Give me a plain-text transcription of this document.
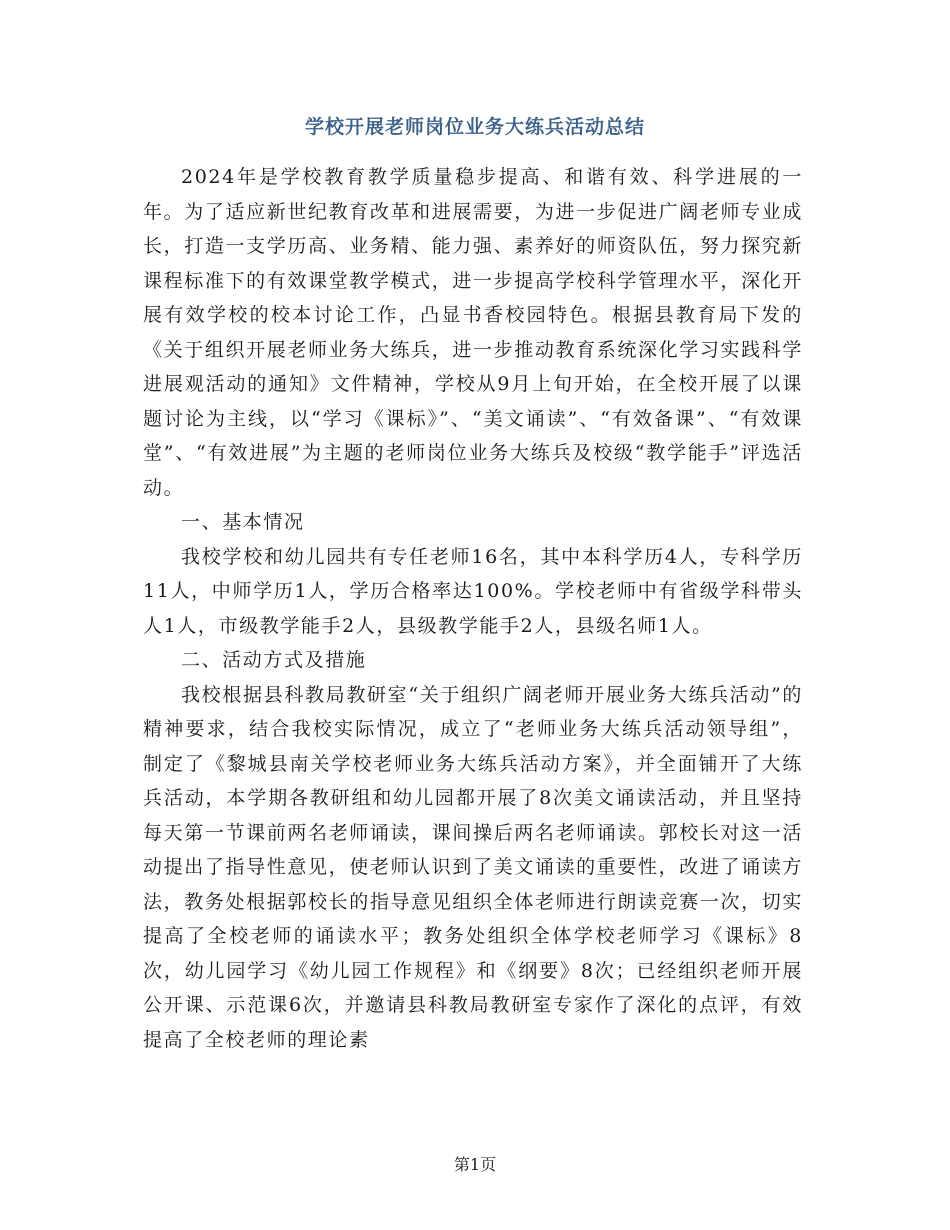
学校开展老师岗位业务大练兵活动总结

2024年是学校教育教学质量稳步提高、和谐有效、科学进展的一年。为了适应新世纪教育改革和进展需要，为进一步促进广阔老师专业成长，打造一支学历高、业务精、能力强、素养好的师资队伍，努力探究新课程标准下的有效课堂教学模式，进一步提高学校科学管理水平，深化开展有效学校的校本讨论工作，凸显书香校园特色。根据县教育局下发的《关于组织开展老师业务大练兵，进一步推动教育系统深化学习实践科学进展观活动的通知》文件精神，学校从9月上旬开始，在全校开展了以课题讨论为主线，以“学习《课标》”、“美文诵读”、“有效备课”、“有效课堂”、“有效进展”为主题的老师岗位业务大练兵及校级“教学能手”评选活动。

一、基本情况

我校学校和幼儿园共有专任老师16名，其中本科学历4人，专科学历11人，中师学历1人，学历合格率达100%。学校老师中有省级学科带头人1人，市级教学能手2人，县级教学能手2人，县级名师1人。

二、活动方式及措施

我校根据县科教局教研室“关于组织广阔老师开展业务大练兵活动”的精神要求，结合我校实际情况，成立了“老师业务大练兵活动领导组”，制定了《黎城县南关学校老师业务大练兵活动方案》，并全面铺开了大练兵活动，本学期各教研组和幼儿园都开展了8次美文诵读活动，并且坚持每天第一节课前两名老师诵读，课间操后两名老师诵读。郭校长对这一活动提出了指导性意见，使老师认识到了美文诵读的重要性，改进了诵读方法，教务处根据郭校长的指导意见组织全体老师进行朗读竞赛一次，切实提高了全校老师的诵读水平；教务处组织全体学校老师学习《课标》8次，幼儿园学习《幼儿园工作规程》和《纲要》8次；已经组织老师开展公开课、示范课6次，并邀请县科教局教研室专家作了深化的点评，有效提高了全校老师的理论素

第1页
